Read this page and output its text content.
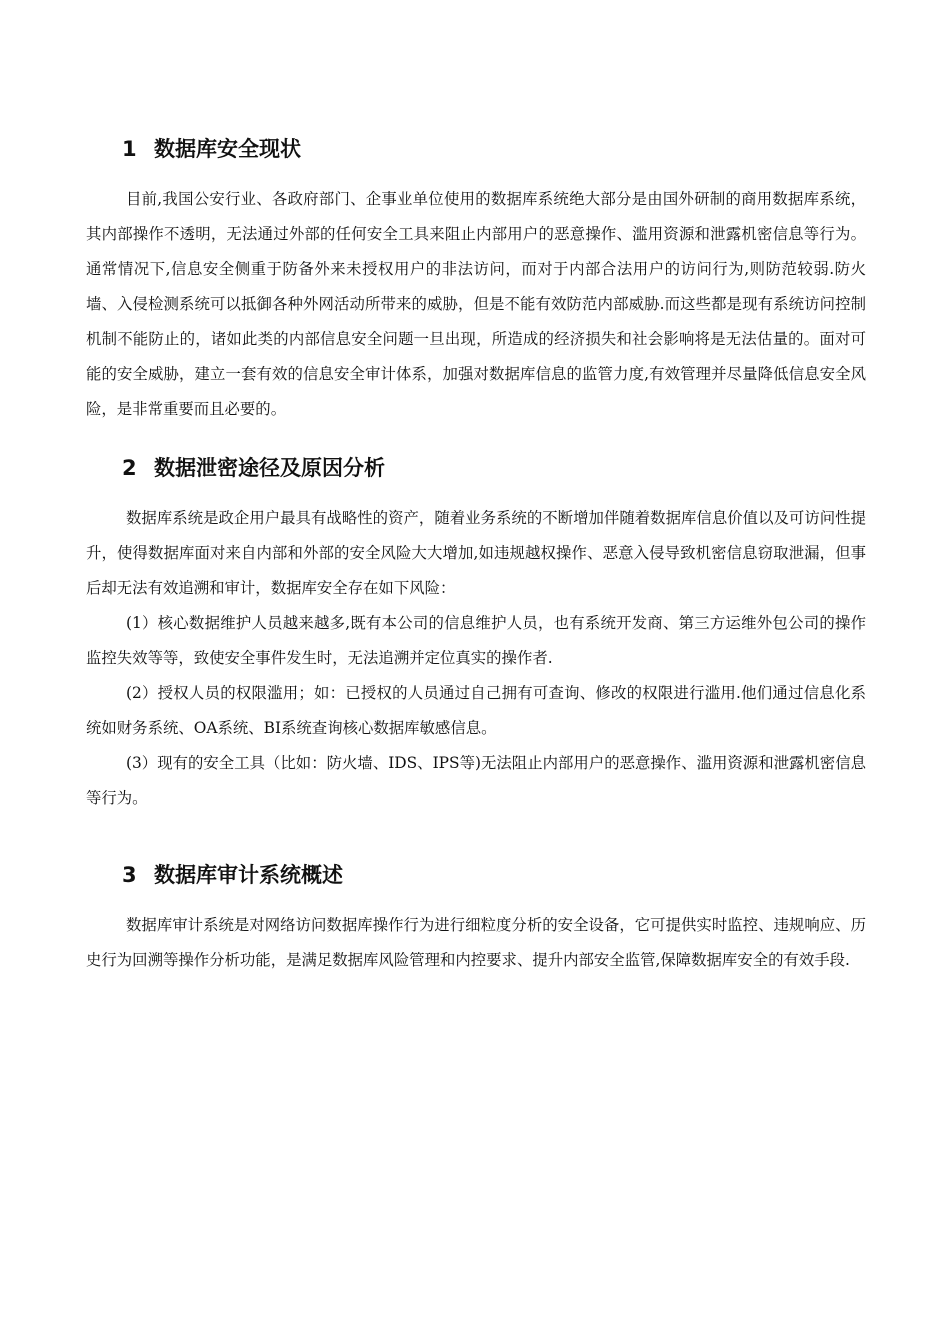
1 数据库安全现状

目前,我国公安行业、各政府部门、企事业单位使用的数据库系统绝大部分是由国外研制的商用数据库系统，其内部操作不透明，无法通过外部的任何安全工具来阻止内部用户的恶意操作、滥用资源和泄露机密信息等行为。通常情况下,信息安全侧重于防备外来未授权用户的非法访问，而对于内部合法用户的访问行为,则防范较弱.防火墙、入侵检测系统可以抵御各种外网活动所带来的威胁，但是不能有效防范内部威胁.而这些都是现有系统访问控制机制不能防止的，诸如此类的内部信息安全问题一旦出现，所造成的经济损失和社会影响将是无法估量的。面对可能的安全威胁，建立一套有效的信息安全审计体系，加强对数据库信息的监管力度,有效管理并尽量降低信息安全风险，是非常重要而且必要的。

2 数据泄密途径及原因分析

数据库系统是政企用户最具有战略性的资产，随着业务系统的不断增加伴随着数据库信息价值以及可访问性提升，使得数据库面对来自内部和外部的安全风险大大增加,如违规越权操作、恶意入侵导致机密信息窃取泄漏，但事后却无法有效追溯和审计，数据库安全存在如下风险：

(1）核心数据维护人员越来越多,既有本公司的信息维护人员，也有系统开发商、第三方运维外包公司的操作监控失效等等，致使安全事件发生时，无法追溯并定位真实的操作者.

(2）授权人员的权限滥用；如：已授权的人员通过自己拥有可查询、修改的权限进行滥用.他们通过信息化系统如财务系统、OA系统、BI系统查询核心数据库敏感信息。

(3）现有的安全工具（比如：防火墙、IDS、IPS等)无法阻止内部用户的恶意操作、滥用资源和泄露机密信息等行为。

3 数据库审计系统概述

数据库审计系统是对网络访问数据库操作行为进行细粒度分析的安全设备，它可提供实时监控、违规响应、历史行为回溯等操作分析功能，是满足数据库风险管理和内控要求、提升内部安全监管,保障数据库安全的有效手段.
